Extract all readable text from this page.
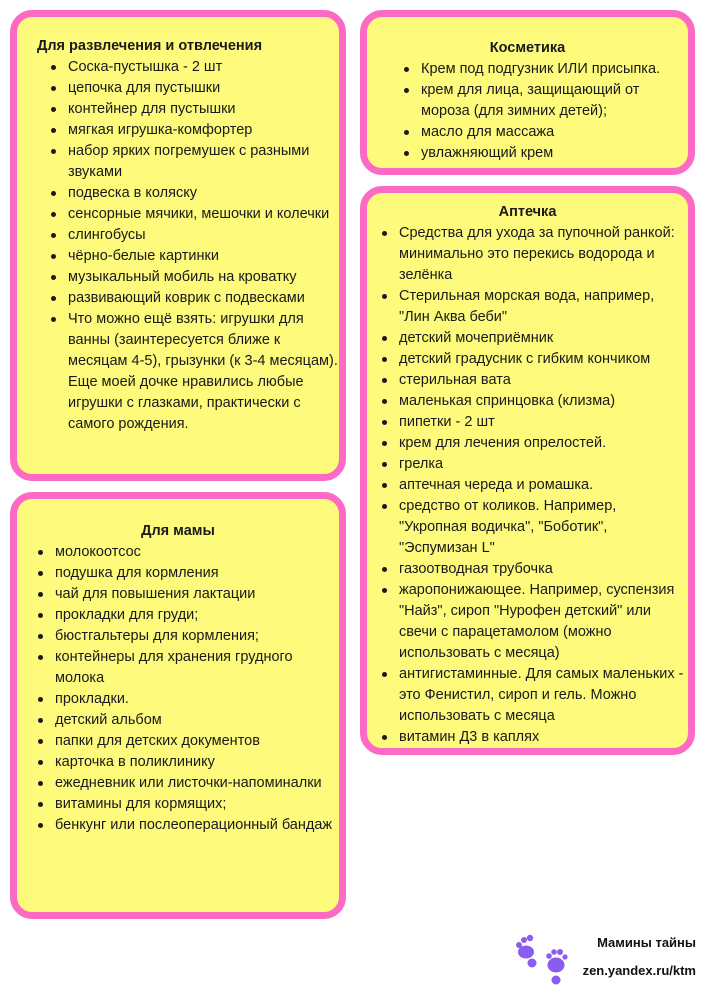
Для развлечения и отвлечения
Соска-пустышка - 2 шт
цепочка для пустышки
контейнер для пустышки
мягкая игрушка-комфортер
набор ярких погремушек с разными звуками
подвеска в коляску
сенсорные мячики, мешочки и колечки
слингобусы
чёрно-белые картинки
музыкальный мобиль на кроватку
развивающий коврик с подвесками
Что можно ещё взять: игрушки для ванны (заинтересуется ближе к месяцам 4-5), грызунки (к 3-4 месяцам). Еще моей дочке нравились любые игрушки с глазками, практически с самого рождения.
Для мамы
молокоотсос
подушка для кормления
чай для повышения лактации
прокладки для груди;
бюстгальтеры для кормления;
контейнеры для хранения грудного молока
прокладки.
детский альбом
папки для детских документов
карточка в поликлинику
ежедневник или листочки-напоминалки
витамины для кормящих;
бенкунг или послеоперационный бандаж
Косметика
Крем под подгузник ИЛИ присыпка.
крем для лица, защищающий от мороза (для зимних детей);
масло для массажа
увлажняющий крем
Аптечка
Средства для ухода за пупочной ранкой: минимально это перекись водорода и зелёнка
Стерильная морская вода, например, "Лин Аква беби"
детский мочеприёмник
детский градусник с гибким кончиком
стерильная вата
маленькая спринцовка (клизма)
пипетки - 2 шт
крем для лечения опрелостей.
грелка
аптечная череда и ромашка.
средство от коликов. Например, "Укропная водичка", "Боботик", "Эспумизан L"
газоотводная трубочка
жаропонижающее. Например, суспензия "Найз", сироп "Нурофен детский" или свечи с парацетамолом (можно использовать с месяца)
антигистаминные. Для самых маленьких - это Фенистил, сироп и гель. Можно использовать с месяца
витамин Д3 в каплях
Мамины тайны
zen.yandex.ru/ktm
